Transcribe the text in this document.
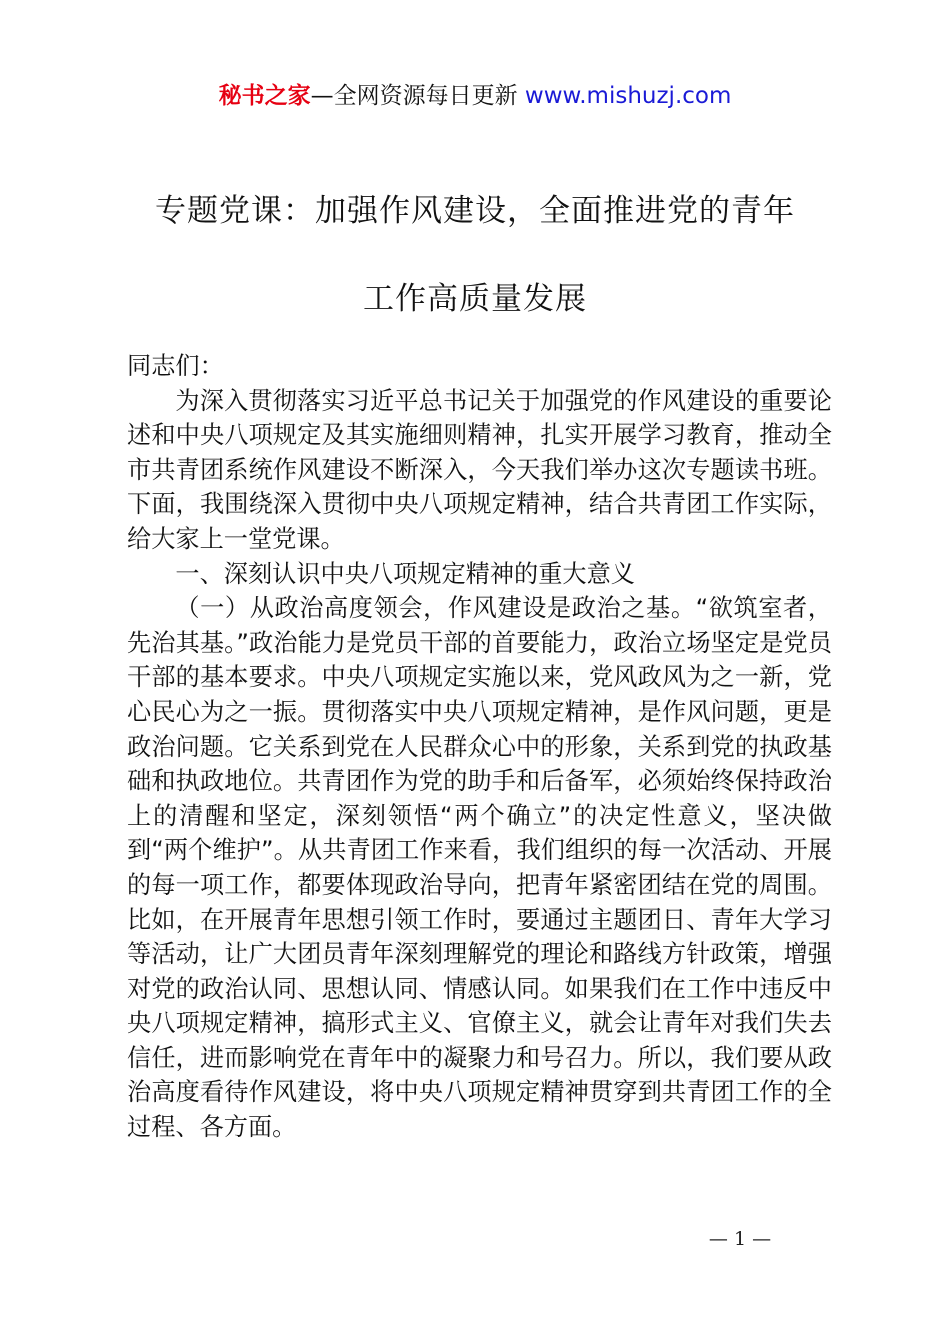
秘书之家—全网资源每日更新 www.mishuzj.com
专题党课：加强作风建设，全面推进党的青年
工作高质量发展

同志们：

为深入贯彻落实习近平总书记关于加强党的作风建设的重要论述和中央八项规定及其实施细则精神，扎实开展学习教育，推动全市共青团系统作风建设不断深入，今天我们举办这次专题读书班。下面，我围绕深入贯彻中央八项规定精神，结合共青团工作实际，给大家上一堂党课。

一、深刻认识中央八项规定精神的重大意义

（一）从政治高度领会，作风建设是政治之基。“欲筑室者，先治其基。”政治能力是党员干部的首要能力，政治立场坚定是党员干部的基本要求。中央八项规定实施以来，党风政风为之一新，党心民心为之一振。贯彻落实中央八项规定精神，是作风问题，更是政治问题。它关系到党在人民群众心中的形象，关系到党的执政基础和执政地位。共青团作为党的助手和后备军，必须始终保持政治上的清醒和坚定，深刻领悟“两个确立”的决定性意义，坚决做到“两个维护”。从共青团工作来看，我们组织的每一次活动、开展的每一项工作，都要体现政治导向，把青年紧密团结在党的周围。比如，在开展青年思想引领工作时，要通过主题团日、青年大学习等活动，让广大团员青年深刻理解党的理论和路线方针政策，增强对党的政治认同、思想认同、情感认同。如果我们在工作中违反中央八项规定精神，搞形式主义、官僚主义，就会让青年对我们失去信任，进而影响党在青年中的凝聚力和号召力。所以，我们要从政治高度看待作风建设，将中央八项规定精神贯穿到共青团工作的全过程、各方面。

— 1 —
